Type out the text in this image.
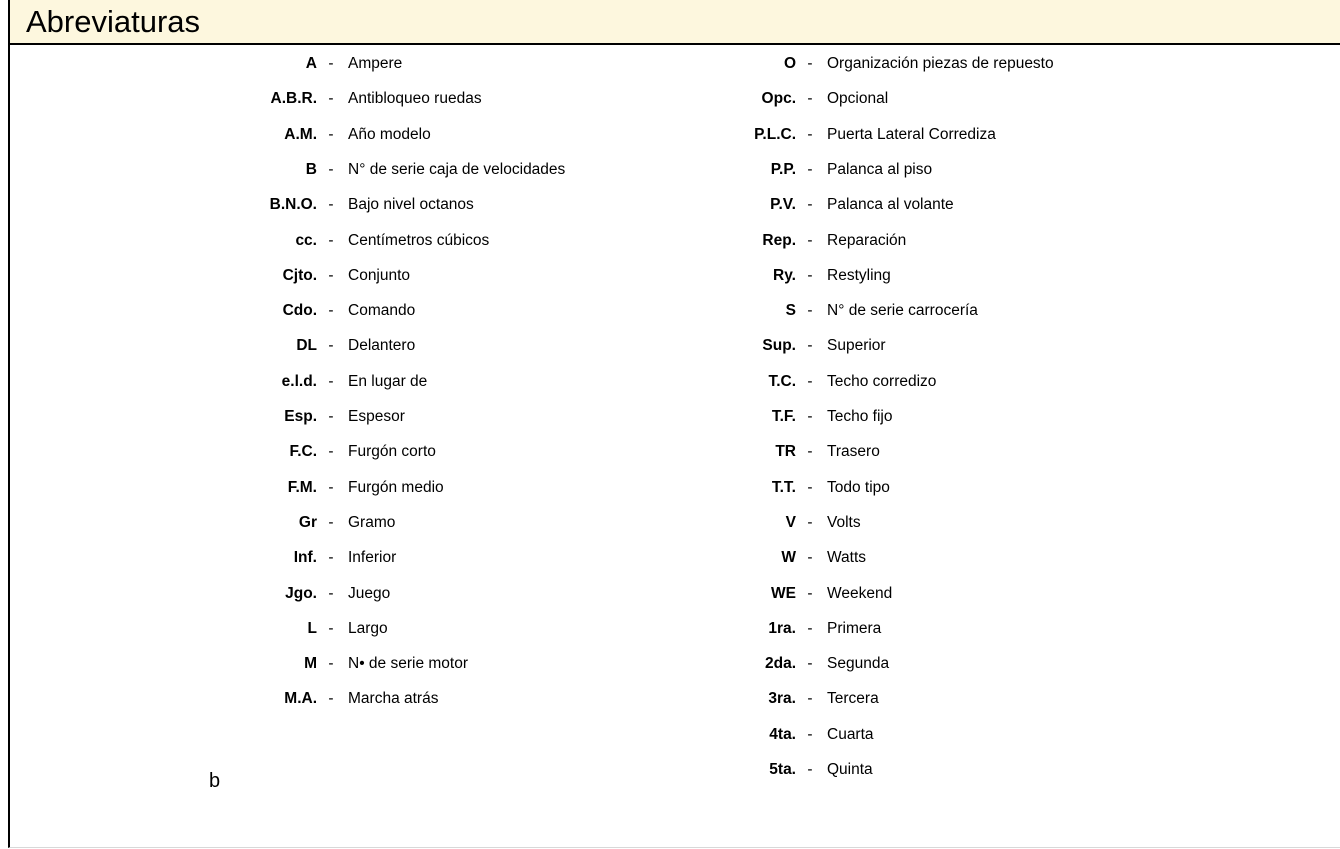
Abreviaturas
A - Ampere
A.B.R. - Antibloqueo ruedas
A.M. - Año modelo
B - N° de serie caja de velocidades
B.N.O. - Bajo nivel octanos
cc. - Centímetros cúbicos
Cjto. - Conjunto
Cdo. - Comando
DL - Delantero
e.l.d. - En lugar de
Esp. - Espesor
F.C. - Furgón corto
F.M. - Furgón medio
Gr - Gramo
Inf. - Inferior
Jgo. - Juego
L - Largo
M - N• de serie motor
M.A. - Marcha atrás
O - Organización piezas de repuesto
Opc. - Opcional
P.L.C. - Puerta Lateral Corrediza
P.P. - Palanca al piso
P.V. - Palanca al volante
Rep. - Reparación
Ry. - Restyling
S - N° de serie carrocería
Sup. - Superior
T.C. - Techo corredizo
T.F. - Techo fijo
TR - Trasero
T.T. - Todo tipo
V - Volts
W - Watts
WE - Weekend
1ra. - Primera
2da. - Segunda
3ra. - Tercera
4ta. - Cuarta
5ta. - Quinta
b
